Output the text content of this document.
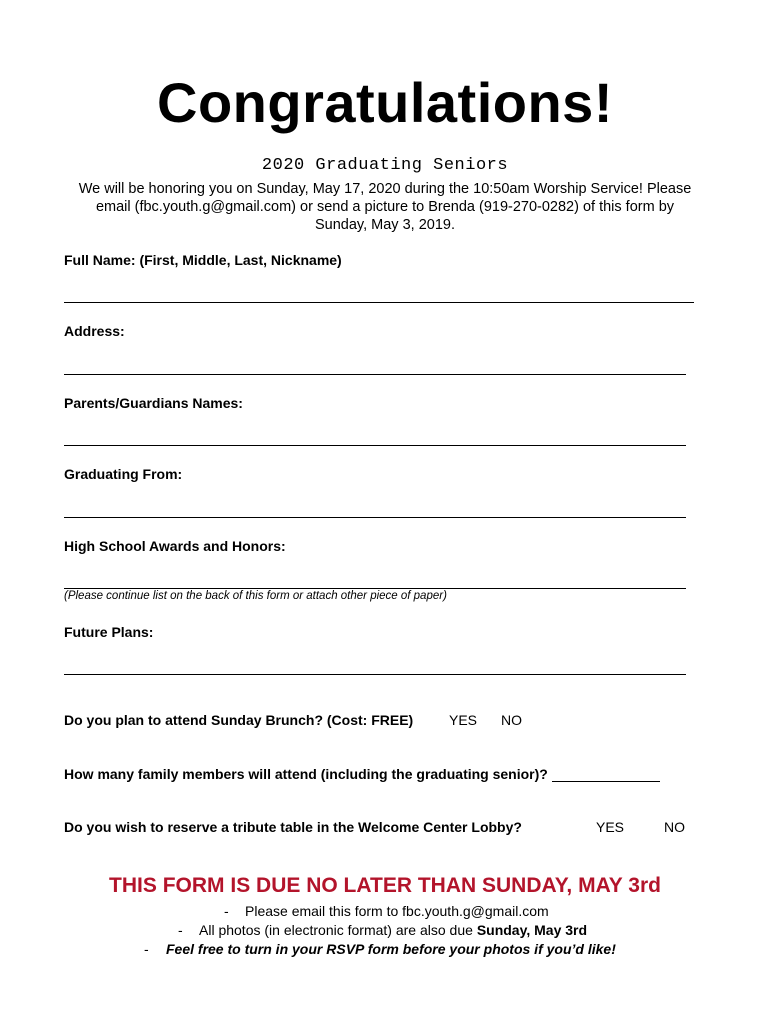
Congratulations!
2020 Graduating Seniors
We will be honoring you on Sunday, May 17, 2020 during the 10:50am Worship Service! Please
email (fbc.youth.g@gmail.com) or send a picture to Brenda (919-270-0282) of this form by
Sunday, May 3, 2019.
Full Name: (First, Middle, Last, Nickname)
Address:
Parents/Guardians Names:
Graduating From:
High School Awards and Honors:
(Please continue list on the back of this form or attach other piece of paper)
Future Plans:
Do you plan to attend Sunday Brunch? (Cost: FREE)	YES NO
How many family members will attend (including the graduating senior)?
Do you wish to reserve a tribute table in the Welcome Center Lobby?	YES	NO
THIS FORM IS DUE NO LATER THAN SUNDAY, MAY 3rd
- Please email this form to fbc.youth.g@gmail.com
- All photos (in electronic format) are also due Sunday, May 3rd
- Feel free to turn in your RSVP form before your photos if you’d like!
